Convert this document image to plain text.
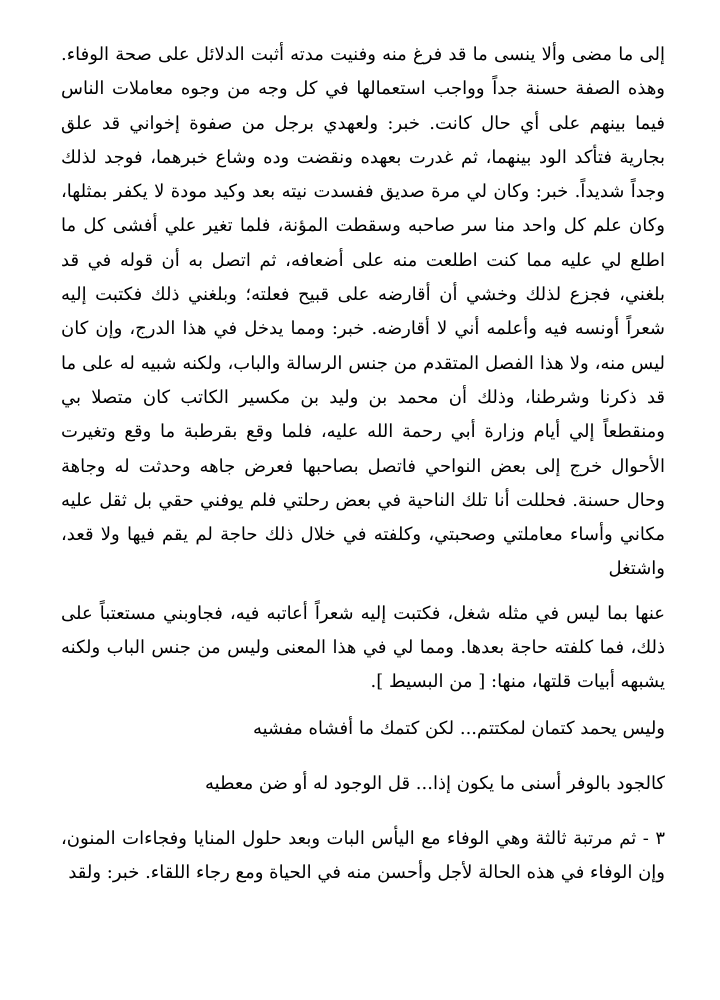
إلى ما مضى وألا ينسى ما قد فرغ منه وفنيت مدته أثبت الدلائل على صحة الوفاء. وهذه الصفة حسنة جداً وواجب استعمالها في كل وجه من وجوه معاملات الناس فيما بينهم على أي حال كانت. خبر: ولعهدي برجل من صفوة إخواني قد علق بجارية فتأكد الود بينهما، ثم غدرت بعهده ونقضت وده وشاع خبرهما، فوجد لذلك وجداً شديداً. خبر: وكان لي مرة صديق ففسدت نيته بعد وكيد مودة لا يكفر بمثلها، وكان علم كل واحد منا سر صاحبه وسقطت المؤنة، فلما تغير علي أفشى كل ما اطلع لي عليه مما كنت اطلعت منه على أضعافه، ثم اتصل به أن قوله في قد بلغني، فجزع لذلك وخشي أن أقارضه على قبيح فعلته؛ وبلغني ذلك فكتبت إليه شعراً أونسه فيه وأعلمه أني لا أقارضه. خبر: ومما يدخل في هذا الدرج، وإن كان ليس منه، ولا هذا الفصل المتقدم من جنس الرسالة والباب، ولكنه شبيه له على ما قد ذكرنا وشرطنا، وذلك أن محمد بن وليد بن مكسير الكاتب كان متصلا بي ومنقطعاً إلي أيام وزارة أبي رحمة الله عليه، فلما وقع بقرطبة ما وقع وتغيرت الأحوال خرج إلى بعض النواحي فاتصل بصاحبها فعرض جاهه وحدثت له وجاهة وحال حسنة. فحللت أنا تلك الناحية في بعض رحلتي فلم يوفني حقي بل ثقل عليه مكاني وأساء معاملتي وصحبتي، وكلفته في خلال ذلك حاجة لم يقم فيها ولا قعد، واشتغل

عنها بما ليس في مثله شغل، فكتبت إليه شعراً أعاتبه فيه، فجاوبني مستعتباً على ذلك، فما كلفته حاجة بعدها. ومما لي في هذا المعنى وليس من جنس الباب ولكنه يشبهه أبيات قلتها، منها: [ من البسيط ].

وليس يحمد كتمان لمكتتم... لكن كتمك ما أفشاه مفشيه

كالجود بالوفر أسنى ما يكون إذا... قل الوجود له أو ضن معطيه

٣ - ثم مرتبة ثالثة وهي الوفاء مع اليأس البات وبعد حلول المنايا وفجاءات المنون، وإن الوفاء في هذه الحالة لأجل وأحسن منه في الحياة ومع رجاء اللقاء. خبر: ولقد
